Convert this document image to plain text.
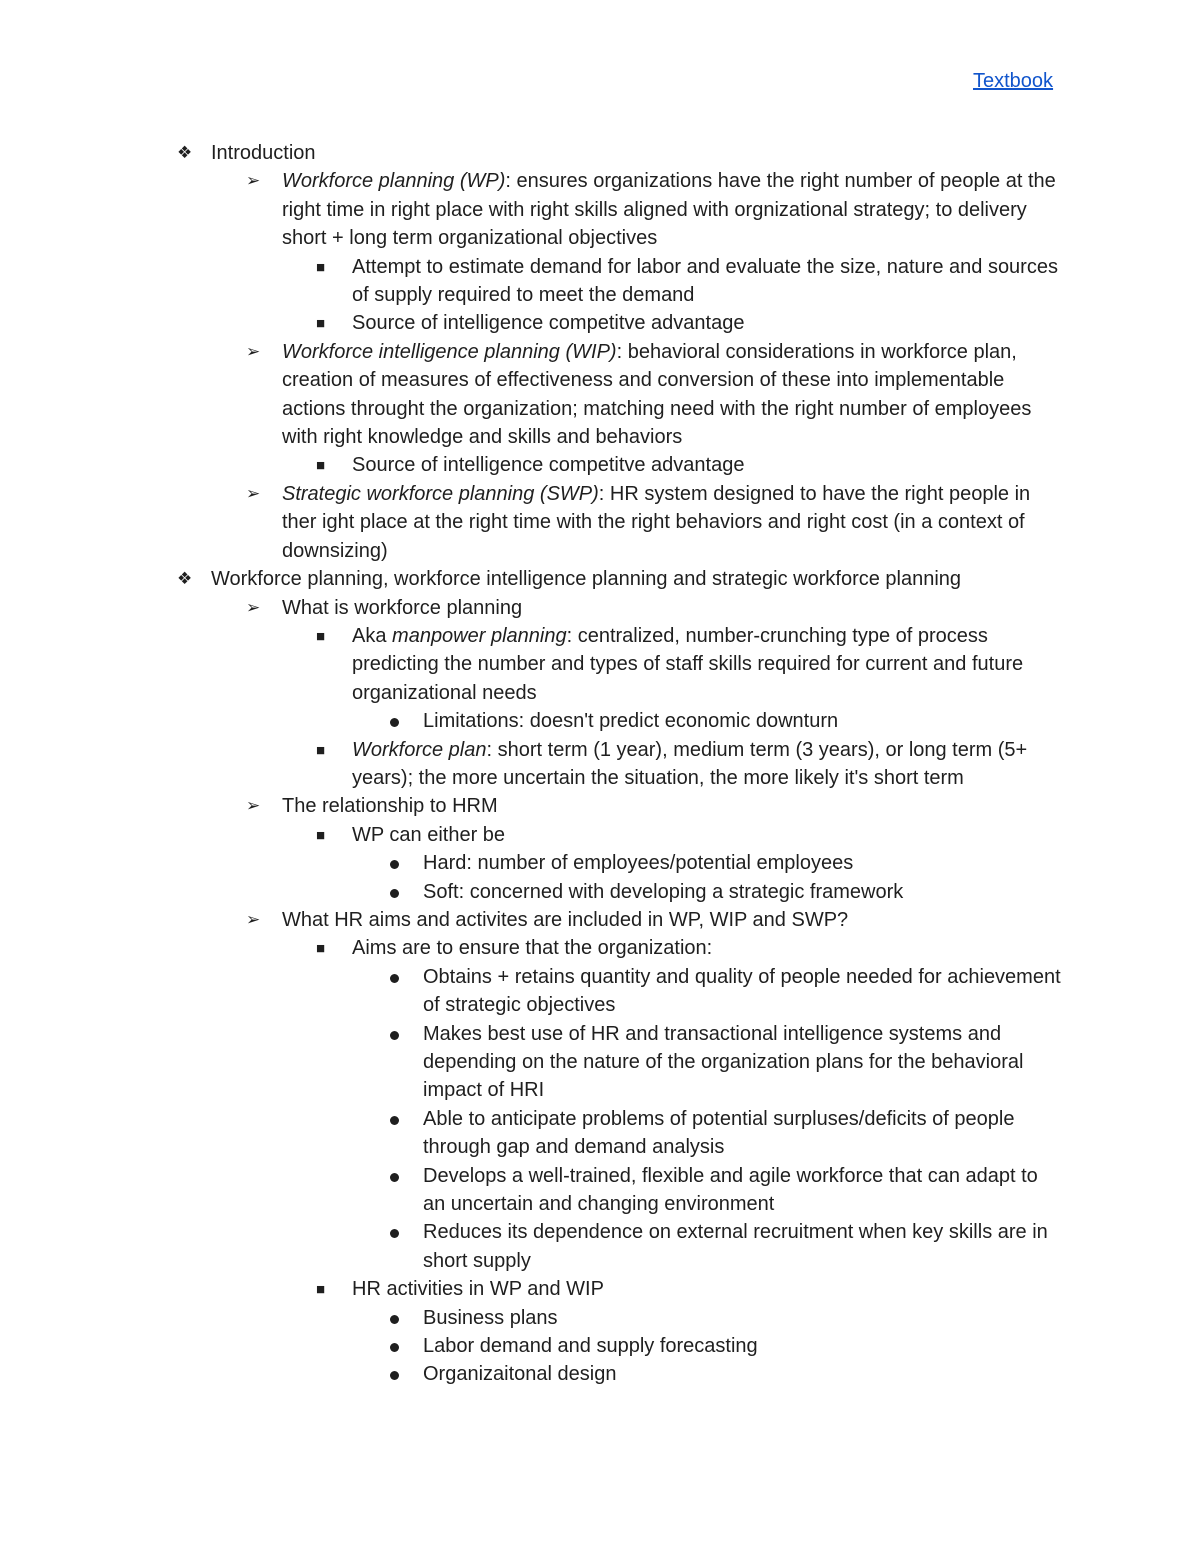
Textbook
❖ Introduction
➢ Workforce planning (WP): ensures organizations have the right number of people at the right time in right place with right skills aligned with orgnizational strategy; to delivery short + long term organizational objectives
■ Attempt to estimate demand for labor and evaluate the size, nature and sources of supply required to meet the demand
■ Source of intelligence competitve advantage
➢ Workforce intelligence planning (WIP): behavioral considerations in workforce plan, creation of measures of effectiveness and conversion of these into implementable actions throught the organization; matching need with the right number of employees with right knowledge and skills and behaviors
■ Source of intelligence competitve advantage
➢ Strategic workforce planning (SWP): HR system designed to have the right people in ther ight place at the right time with the right behaviors and right cost (in a context of downsizing)
❖ Workforce planning, workforce intelligence planning and strategic workforce planning
➢ What is workforce planning
■ Aka manpower planning: centralized, number-crunching type of process predicting the number and types of staff skills required for current and future organizational needs
Limitations: doesn't predict economic downturn
■ Workforce plan: short term (1 year), medium term (3 years), or long term (5+ years); the more uncertain the situation, the more likely it's short term
➢ The relationship to HRM
■ WP can either be
Hard: number of employees/potential employees
Soft: concerned with developing a strategic framework
➢ What HR aims and activites are included in WP, WIP and SWP?
■ Aims are to ensure that the organization:
Obtains + retains quantity and quality of people needed for achievement of strategic objectives
Makes best use of HR and transactional intelligence systems and depending on the nature of the organization plans for the behavioral impact of HRI
Able to anticipate problems of potential surpluses/deficits of people through gap and demand analysis
Develops a well-trained, flexible and agile workforce that can adapt to an uncertain and changing environment
Reduces its dependence on external recruitment when key skills are in short supply
■ HR activities in WP and WIP
Business plans
Labor demand and supply forecasting
Organizaitonal design
